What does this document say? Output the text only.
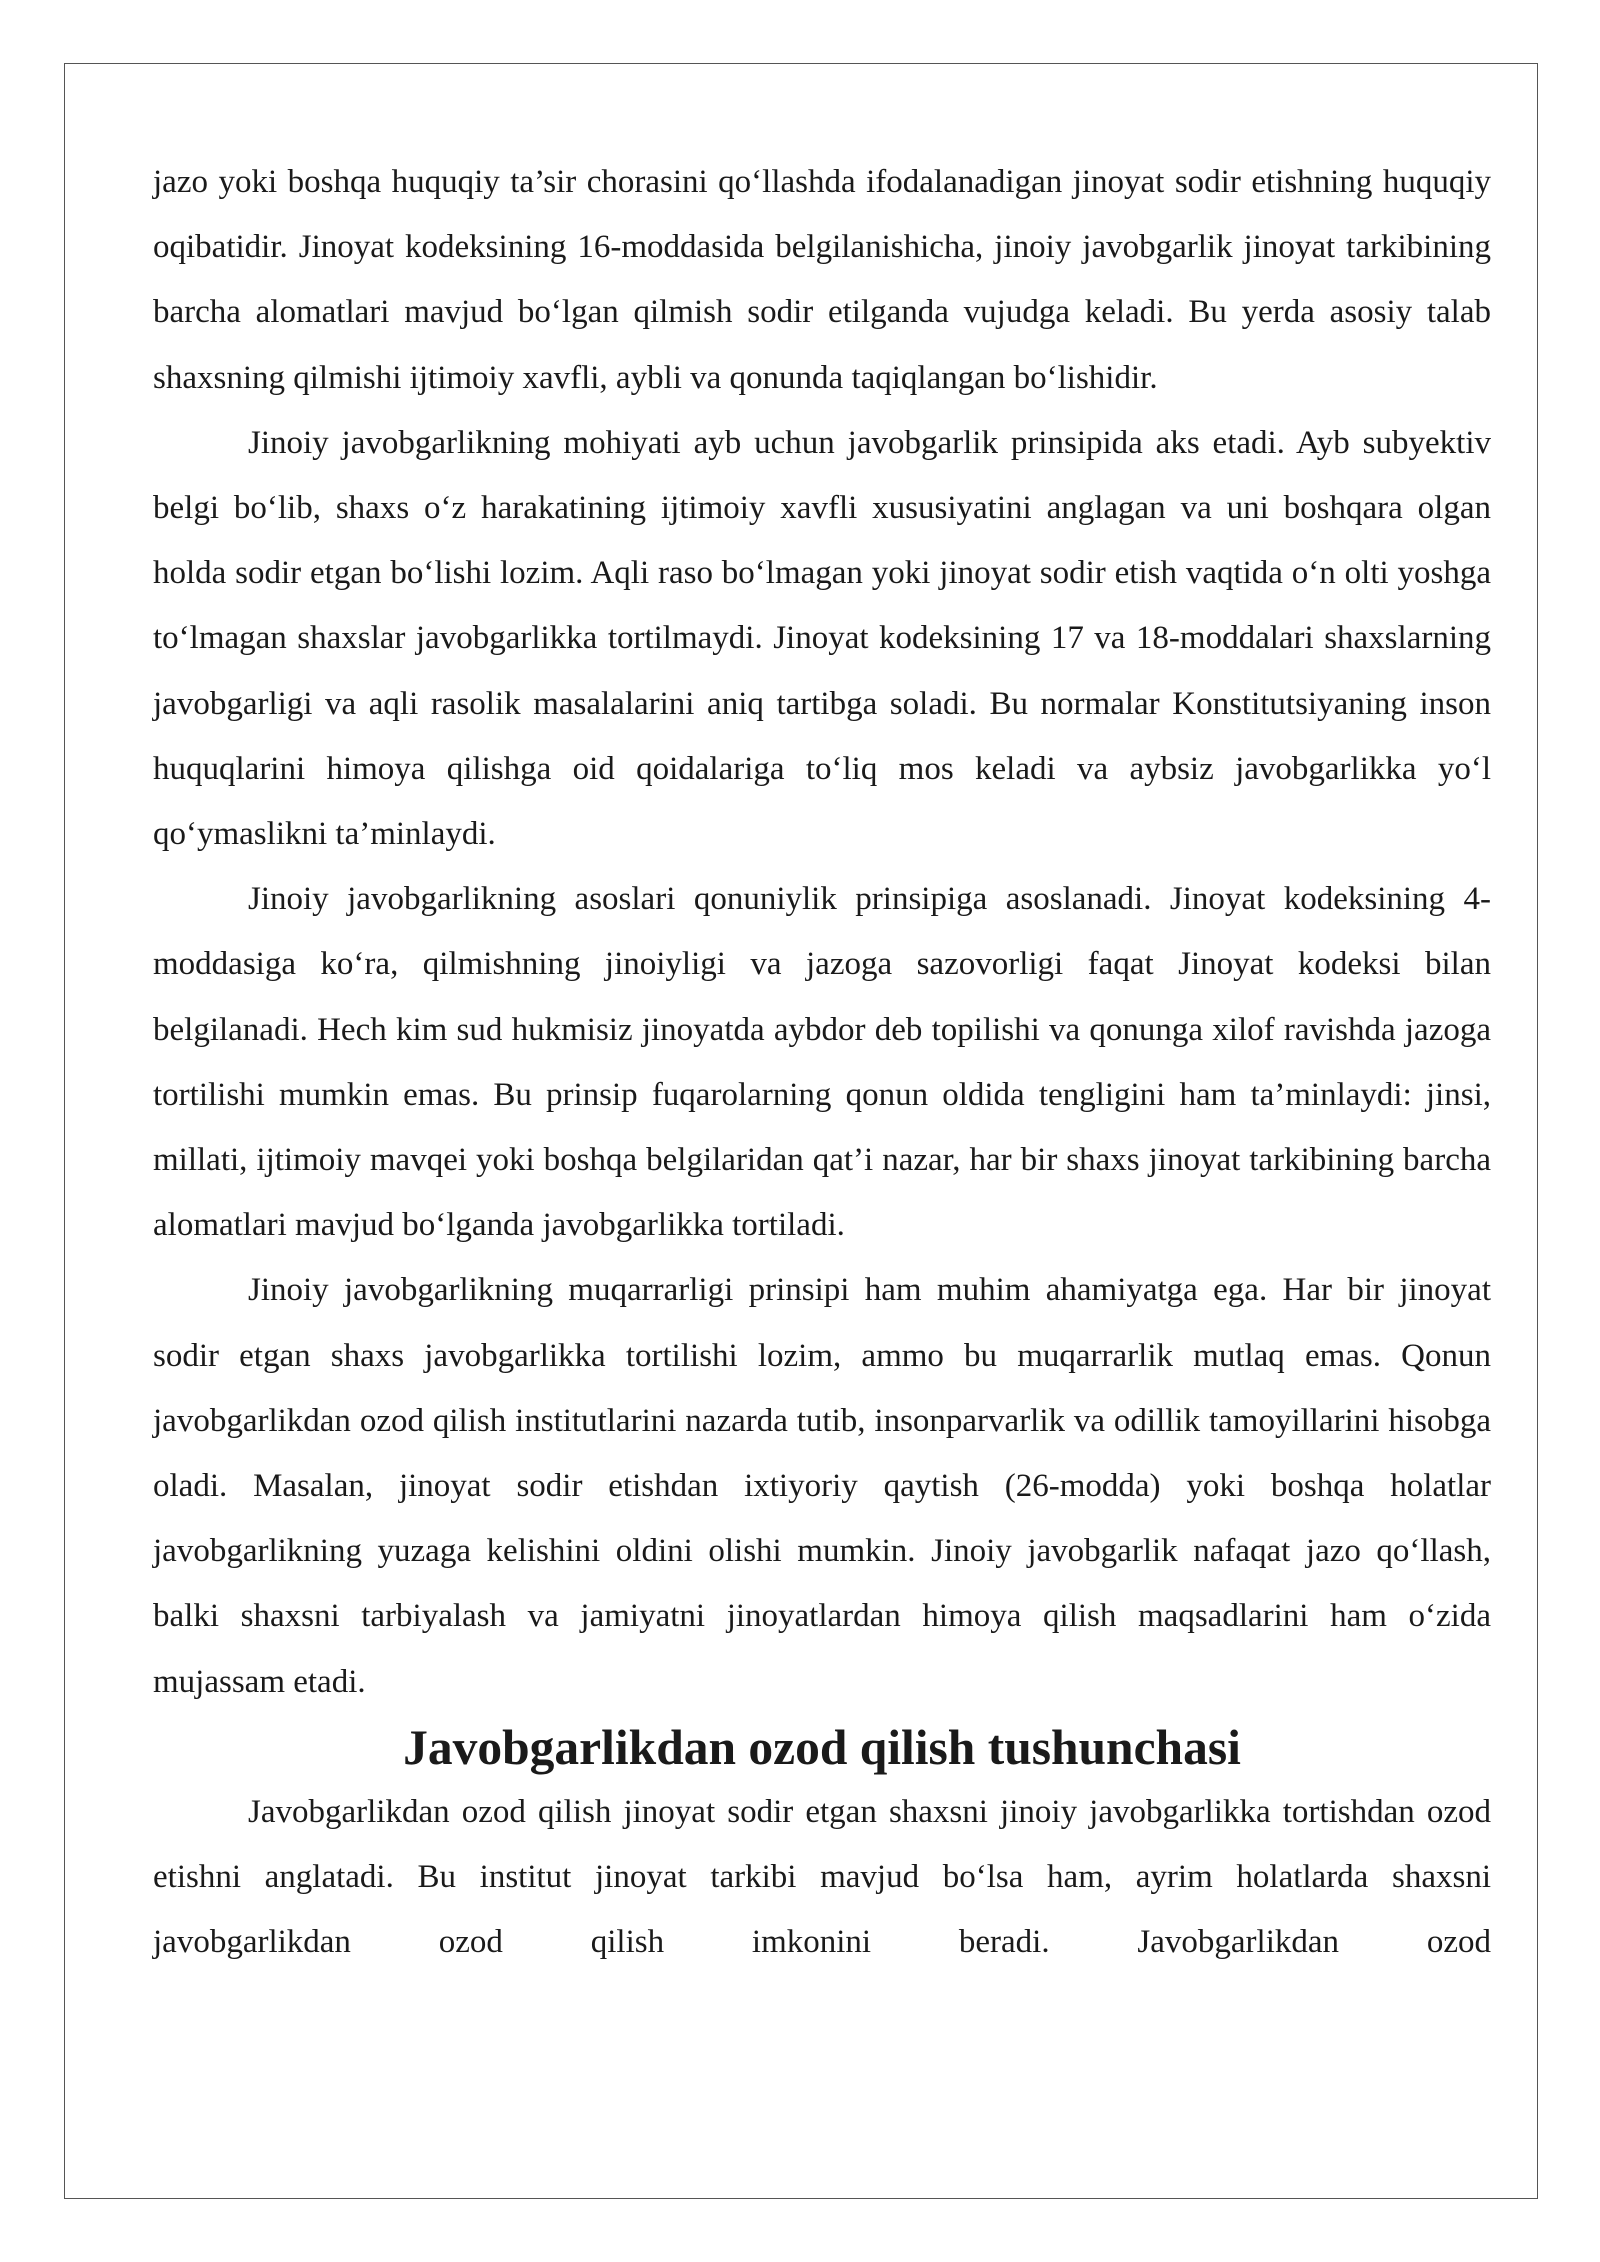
jazo yoki boshqa huquqiy ta’sir chorasini qo‘llashda ifodalanadigan jinoyat sodir etishning huquqiy oqibatidir. Jinoyat kodeksining 16-moddasida belgilanishicha, jinoiy javobgarlik jinoyat tarkibining barcha alomatlari mavjud bo‘lgan qilmish sodir etilganda vujudga keladi. Bu yerda asosiy talab shaxsning qilmishi ijtimoiy xavfli, aybli va qonunda taqiqlangan bo‘lishidir.

Jinoiy javobgarlikning mohiyati ayb uchun javobgarlik prinsipida aks etadi. Ayb subyektiv belgi bo‘lib, shaxs o‘z harakatining ijtimoiy xavfli xususiyatini anglagan va uni boshqara olgan holda sodir etgan bo‘lishi lozim. Aqli raso bo‘lmagan yoki jinoyat sodir etish vaqtida o‘n olti yoshga to‘lmagan shaxslar javobgarlikka tortilmaydi. Jinoyat kodeksining 17 va 18-moddalari shaxslarning javobgarligi va aqli rasolik masalalarini aniq tartibga soladi. Bu normalar Konstitutsiyaning inson huquqlarini himoya qilishga oid qoidalariga to‘liq mos keladi va aybsiz javobgarlikka yo‘l qo‘ymaslikni ta’minlaydi.

Jinoiy javobgarlikning asoslari qonuniylik prinsipiga asoslanadi. Jinoyat kodeksining 4-moddasiga ko‘ra, qilmishning jinoiyligi va jazoga sazovorligi faqat Jinoyat kodeksi bilan belgilanadi. Hech kim sud hukmisiz jinoyatda aybdor deb topilishi va qonunga xilof ravishda jazoga tortilishi mumkin emas. Bu prinsip fuqarolarning qonun oldida tengligini ham ta’minlaydi: jinsi, millati, ijtimoiy mavqei yoki boshqa belgilaridan qat’i nazar, har bir shaxs jinoyat tarkibining barcha alomatlari mavjud bo‘lganda javobgarlikka tortiladi.

Jinoiy javobgarlikning muqarrarligi prinsipi ham muhim ahamiyatga ega. Har bir jinoyat sodir etgan shaxs javobgarlikka tortilishi lozim, ammo bu muqarrarlik mutlaq emas. Qonun javobgarlikdan ozod qilish institutlarini nazarda tutib, insonparvarlik va odillik tamoyillarini hisobga oladi. Masalan, jinoyat sodir etishdan ixtiyoriy qaytish (26-modda) yoki boshqa holatlar javobgarlikning yuzaga kelishini oldini olishi mumkin. Jinoiy javobgarlik nafaqat jazo qo‘llash, balki shaxsni tarbiyalash va jamiyatni jinoyatlardan himoya qilish maqsadlarini ham o‘zida mujassam etadi.

Javobgarlikdan ozod qilish tushunchasi

Javobgarlikdan ozod qilish jinoyat sodir etgan shaxsni jinoiy javobgarlikka tortishdan ozod etishni anglatadi. Bu institut jinoyat tarkibi mavjud bo‘lsa ham, ayrim holatlarda shaxsni javobgarlikdan ozod qilish imkonini beradi. Javobgarlikdan ozod
